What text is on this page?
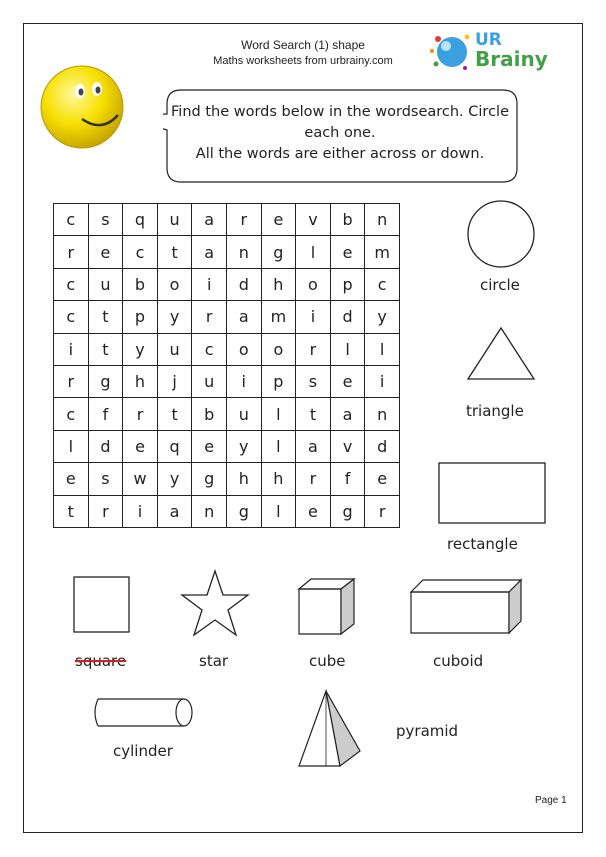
Word Search (1) shape
Maths worksheets from urbrainy.com
UR
Brainy
Find the words below in the wordsearch. Circle
each one.
All the words are either across or down.
c	s	q	u	a	r	e	v	b	n
r	e	c	t	a	n	g	l	e	m
c	u	b	o	i	d	h	o	p	c
c	t	p	y	r	a	m	i	d	y
i	t	y	u	c	o	o	r	l	l
r	g	h	j	u	i	p	s	e	i
c	f	r	t	b	u	l	t	a	n
l	d	e	q	e	y	l	a	v	d
e	s	w	y	g	h	h	r	f	e
t	r	i	a	n	g	l	e	g	r
circle
triangle
rectangle
square	star	cube	cuboid
cylinder
pyramid
Page 1
